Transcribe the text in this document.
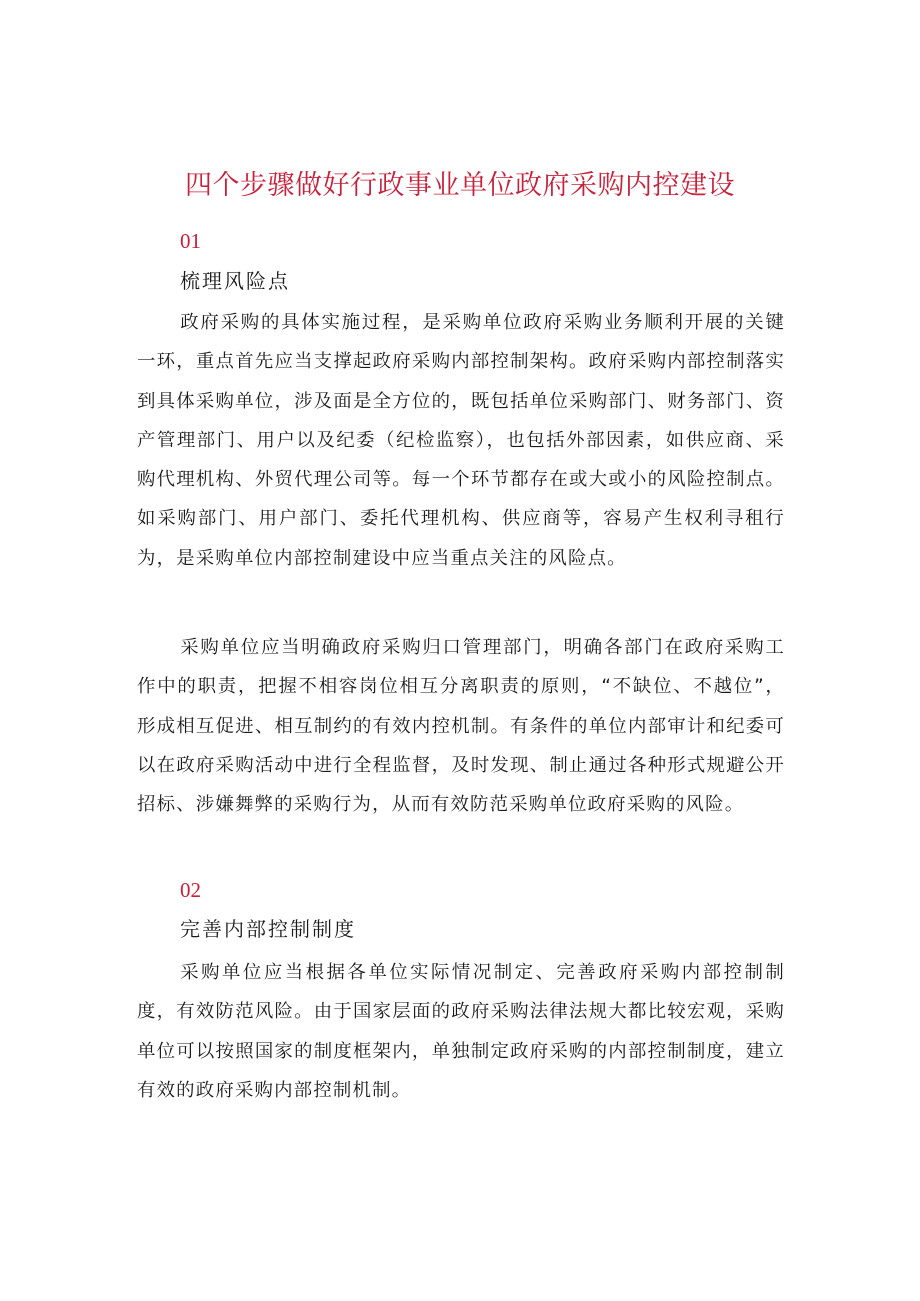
四个步骤做好行政事业单位政府采购内控建设
01
梳理风险点

政府采购的具体实施过程，是采购单位政府采购业务顺利开展的关键一环，重点首先应当支撑起政府采购内部控制架构。政府采购内部控制落实到具体采购单位，涉及面是全方位的，既包括单位采购部门、财务部门、资产管理部门、用户以及纪委（纪检监察），也包括外部因素，如供应商、采购代理机构、外贸代理公司等。每一个环节都存在或大或小的风险控制点。如采购部门、用户部门、委托代理机构、供应商等，容易产生权利寻租行为，是采购单位内部控制建设中应当重点关注的风险点。

采购单位应当明确政府采购归口管理部门，明确各部门在政府采购工作中的职责，把握不相容岗位相互分离职责的原则，“不缺位、不越位”，形成相互促进、相互制约的有效内控机制。有条件的单位内部审计和纪委可以在政府采购活动中进行全程监督，及时发现、制止通过各种形式规避公开招标、涉嫌舞弊的采购行为，从而有效防范采购单位政府采购的风险。

02
完善内部控制制度

采购单位应当根据各单位实际情况制定、完善政府采购内部控制制度，有效防范风险。由于国家层面的政府采购法律法规大都比较宏观，采购单位可以按照国家的制度框架内，单独制定政府采购的内部控制制度，建立有效的政府采购内部控制机制。
